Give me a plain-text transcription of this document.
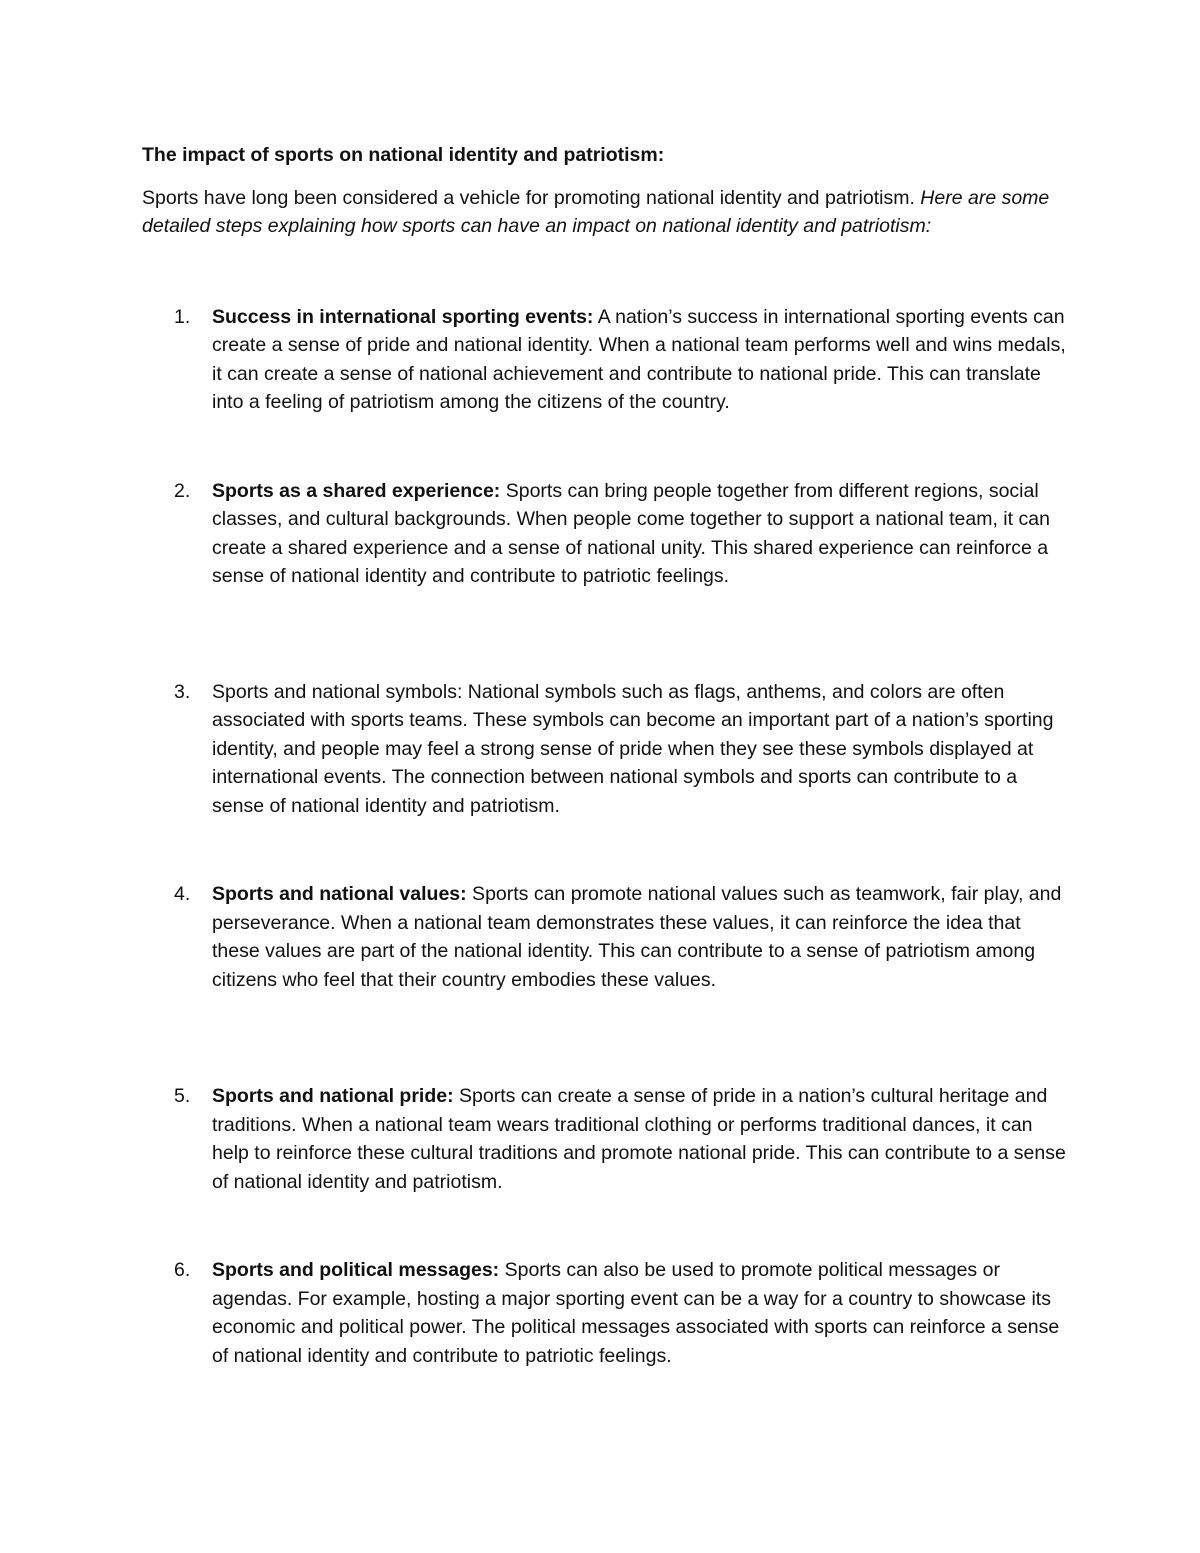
The impact of sports on national identity and patriotism:

Sports have long been considered a vehicle for promoting national identity and patriotism. Here are some detailed steps explaining how sports can have an impact on national identity and patriotism:

1. Success in international sporting events: A nation’s success in international sporting events can create a sense of pride and national identity. When a national team performs well and wins medals, it can create a sense of national achievement and contribute to national pride. This can translate into a feeling of patriotism among the citizens of the country.
2. Sports as a shared experience: Sports can bring people together from different regions, social classes, and cultural backgrounds. When people come together to support a national team, it can create a shared experience and a sense of national unity. This shared experience can reinforce a sense of national identity and contribute to patriotic feelings.
3. Sports and national symbols: National symbols such as flags, anthems, and colors are often associated with sports teams. These symbols can become an important part of a nation’s sporting identity, and people may feel a strong sense of pride when they see these symbols displayed at international events. The connection between national symbols and sports can contribute to a sense of national identity and patriotism.
4. Sports and national values: Sports can promote national values such as teamwork, fair play, and perseverance. When a national team demonstrates these values, it can reinforce the idea that these values are part of the national identity. This can contribute to a sense of patriotism among citizens who feel that their country embodies these values.
5. Sports and national pride: Sports can create a sense of pride in a nation’s cultural heritage and traditions. When a national team wears traditional clothing or performs traditional dances, it can help to reinforce these cultural traditions and promote national pride. This can contribute to a sense of national identity and patriotism.
6. Sports and political messages: Sports can also be used to promote political messages or agendas. For example, hosting a major sporting event can be a way for a country to showcase its economic and political power. The political messages associated with sports can reinforce a sense of national identity and contribute to patriotic feelings.
